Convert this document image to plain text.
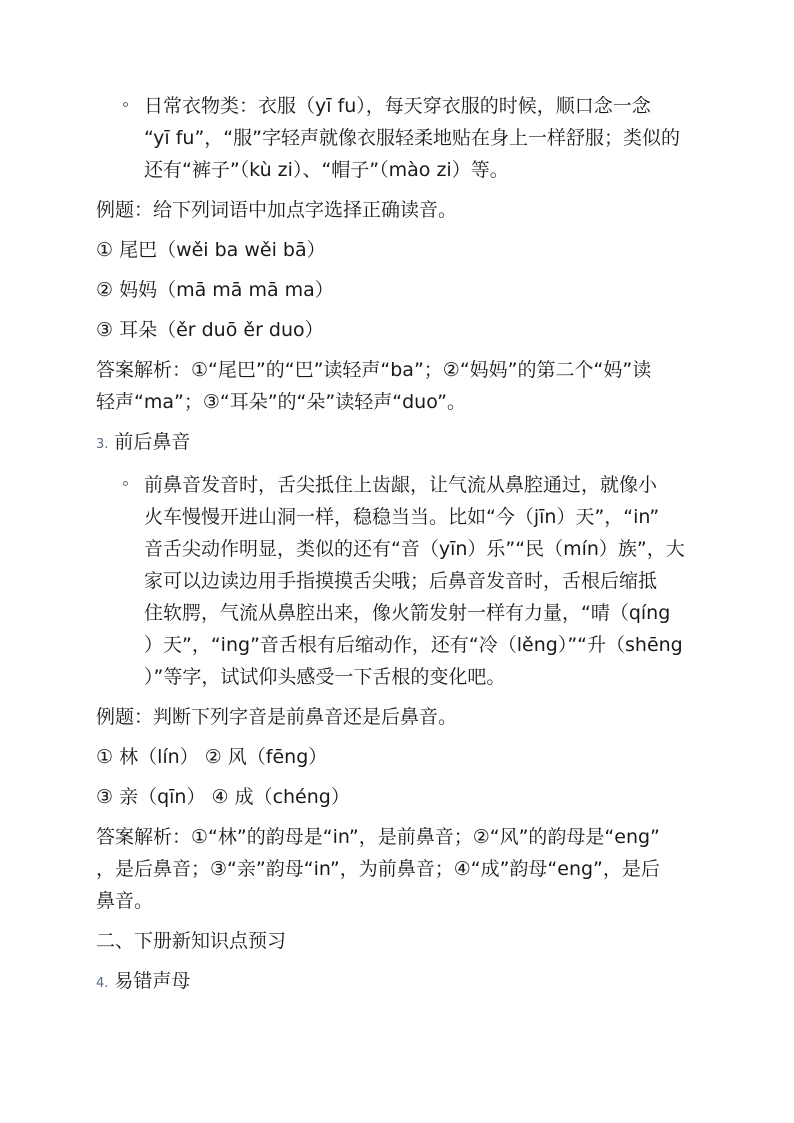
日常衣物类：衣服（yī fu），每天穿衣服的时候，顺口念一念
“yī fu”，“服”字轻声就像衣服轻柔地贴在身上一样舒服；类似的
还有“裤子”（kù zi）、“帽子”（mào zi）等。
例题：给下列词语中加点字选择正确读音。
① 尾巴（wěi ba wěi bā）
② 妈妈（mā mā mā ma）
③ 耳朵（ěr duō ěr duo）
答案解析：①“尾巴”的“巴”读轻声“ba”；②“妈妈”的第二个“妈”读
轻声“ma”；③“耳朵”的“朵”读轻声“duo”。
3. 前后鼻音
前鼻音发音时，舌尖抵住上齿龈，让气流从鼻腔通过，就像小
火车慢慢开进山洞一样，稳稳当当。比如“今（jīn）天”，“in”
音舌尖动作明显，类似的还有“音（yīn）乐”“民（mín）族”，大
家可以边读边用手指摸摸舌尖哦；后鼻音发音时，舌根后缩抵
住软腭，气流从鼻腔出来，像火箭发射一样有力量，“晴（qíng
）天”，“ing”音舌根有后缩动作，还有“冷（lěng）”“升（shēng
）”等字，试试仰头感受一下舌根的变化吧。
例题：判断下列字音是前鼻音还是后鼻音。
① 林（lín） ② 风（fēng）
③ 亲（qīn） ④ 成（chéng）
答案解析：①“林”的韵母是“in”，是前鼻音；②“风”的韵母是“eng”
，是后鼻音；③“亲”韵母“in”，为前鼻音；④“成”韵母“eng”，是后
鼻音。
二、下册新知识点预习
4. 易错声母
